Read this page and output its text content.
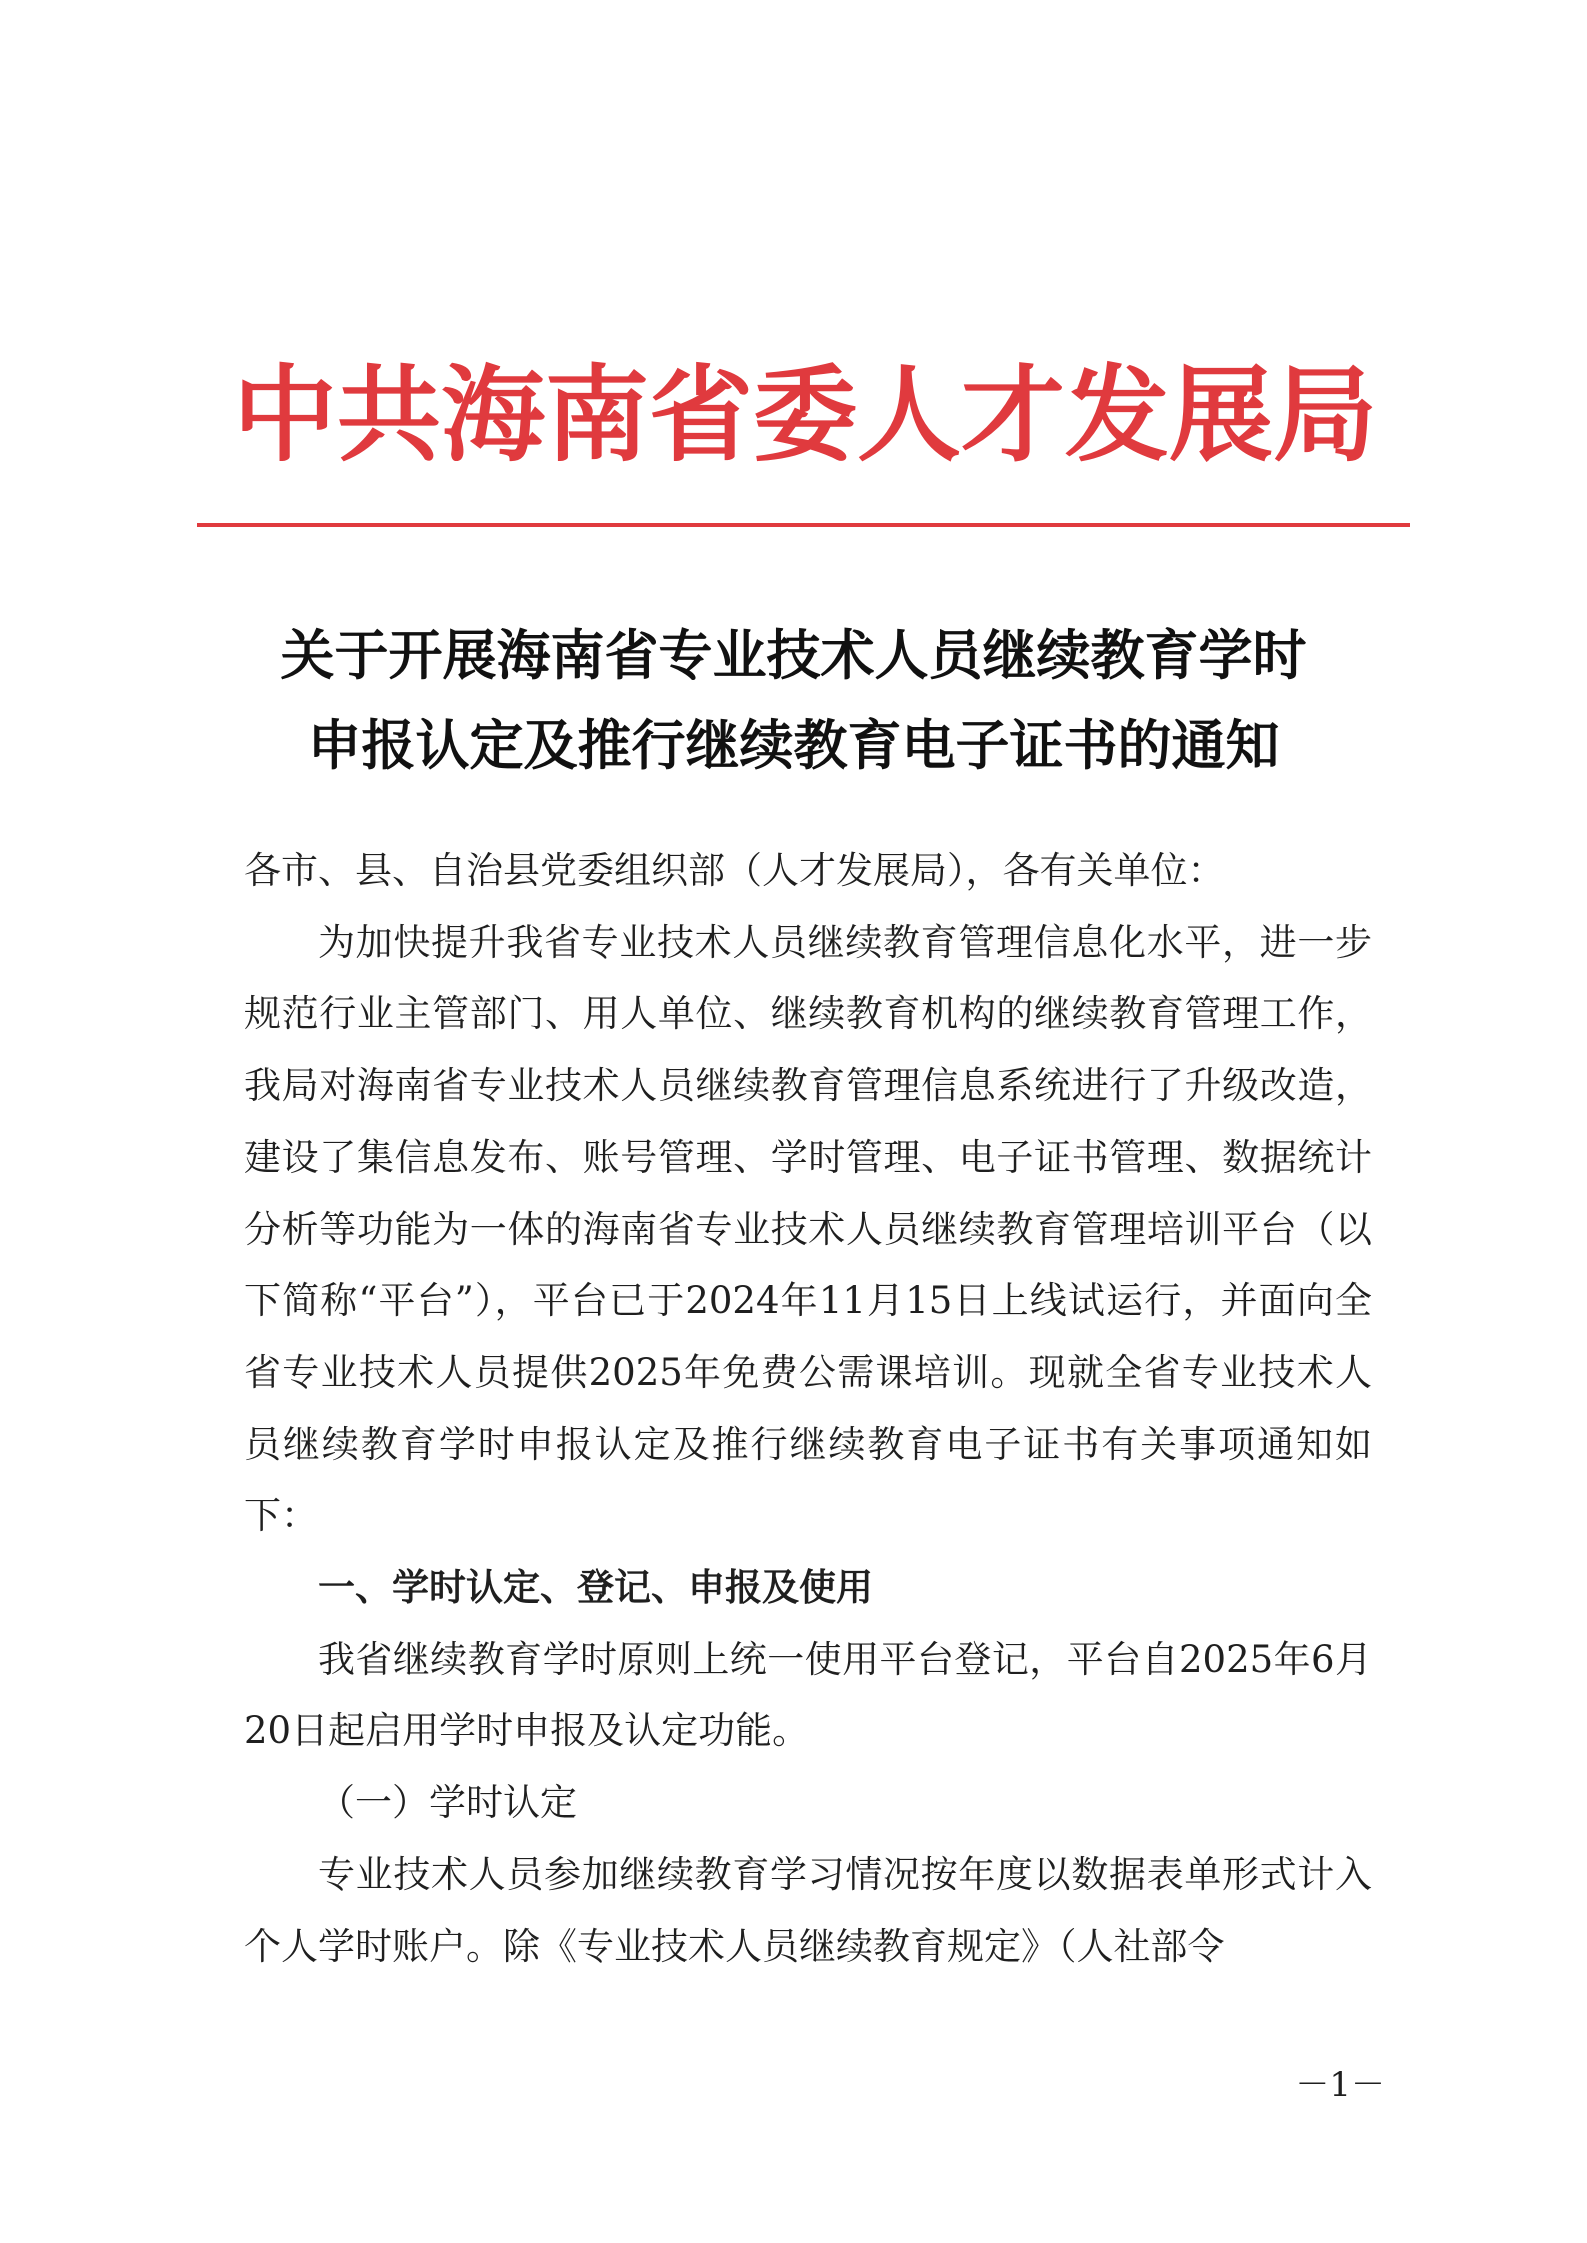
中共海南省委人才发展局
关于开展海南省专业技术人员继续教育学时
申报认定及推行继续教育电子证书的通知

各市、县、自治县党委组织部（人才发展局），各有关单位：

为加快提升我省专业技术人员继续教育管理信息化水平，进一步规范行业主管部门、用人单位、继续教育机构的继续教育管理工作，我局对海南省专业技术人员继续教育管理信息系统进行了升级改造，建设了集信息发布、账号管理、学时管理、电子证书管理、数据统计分析等功能为一体的海南省专业技术人员继续教育管理培训平台（以下简称“平台”），平台已于2024年11月15日上线试运行，并面向全省专业技术人员提供2025年免费公需课培训。现就全省专业技术人员继续教育学时申报认定及推行继续教育电子证书有关事项通知如下：

一、学时认定、登记、申报及使用

我省继续教育学时原则上统一使用平台登记，平台自2025年6月20日起启用学时申报及认定功能。

（一）学时认定

专业技术人员参加继续教育学习情况按年度以数据表单形式计入个人学时账户。除《专业技术人员继续教育规定》（人社部令

－1－
